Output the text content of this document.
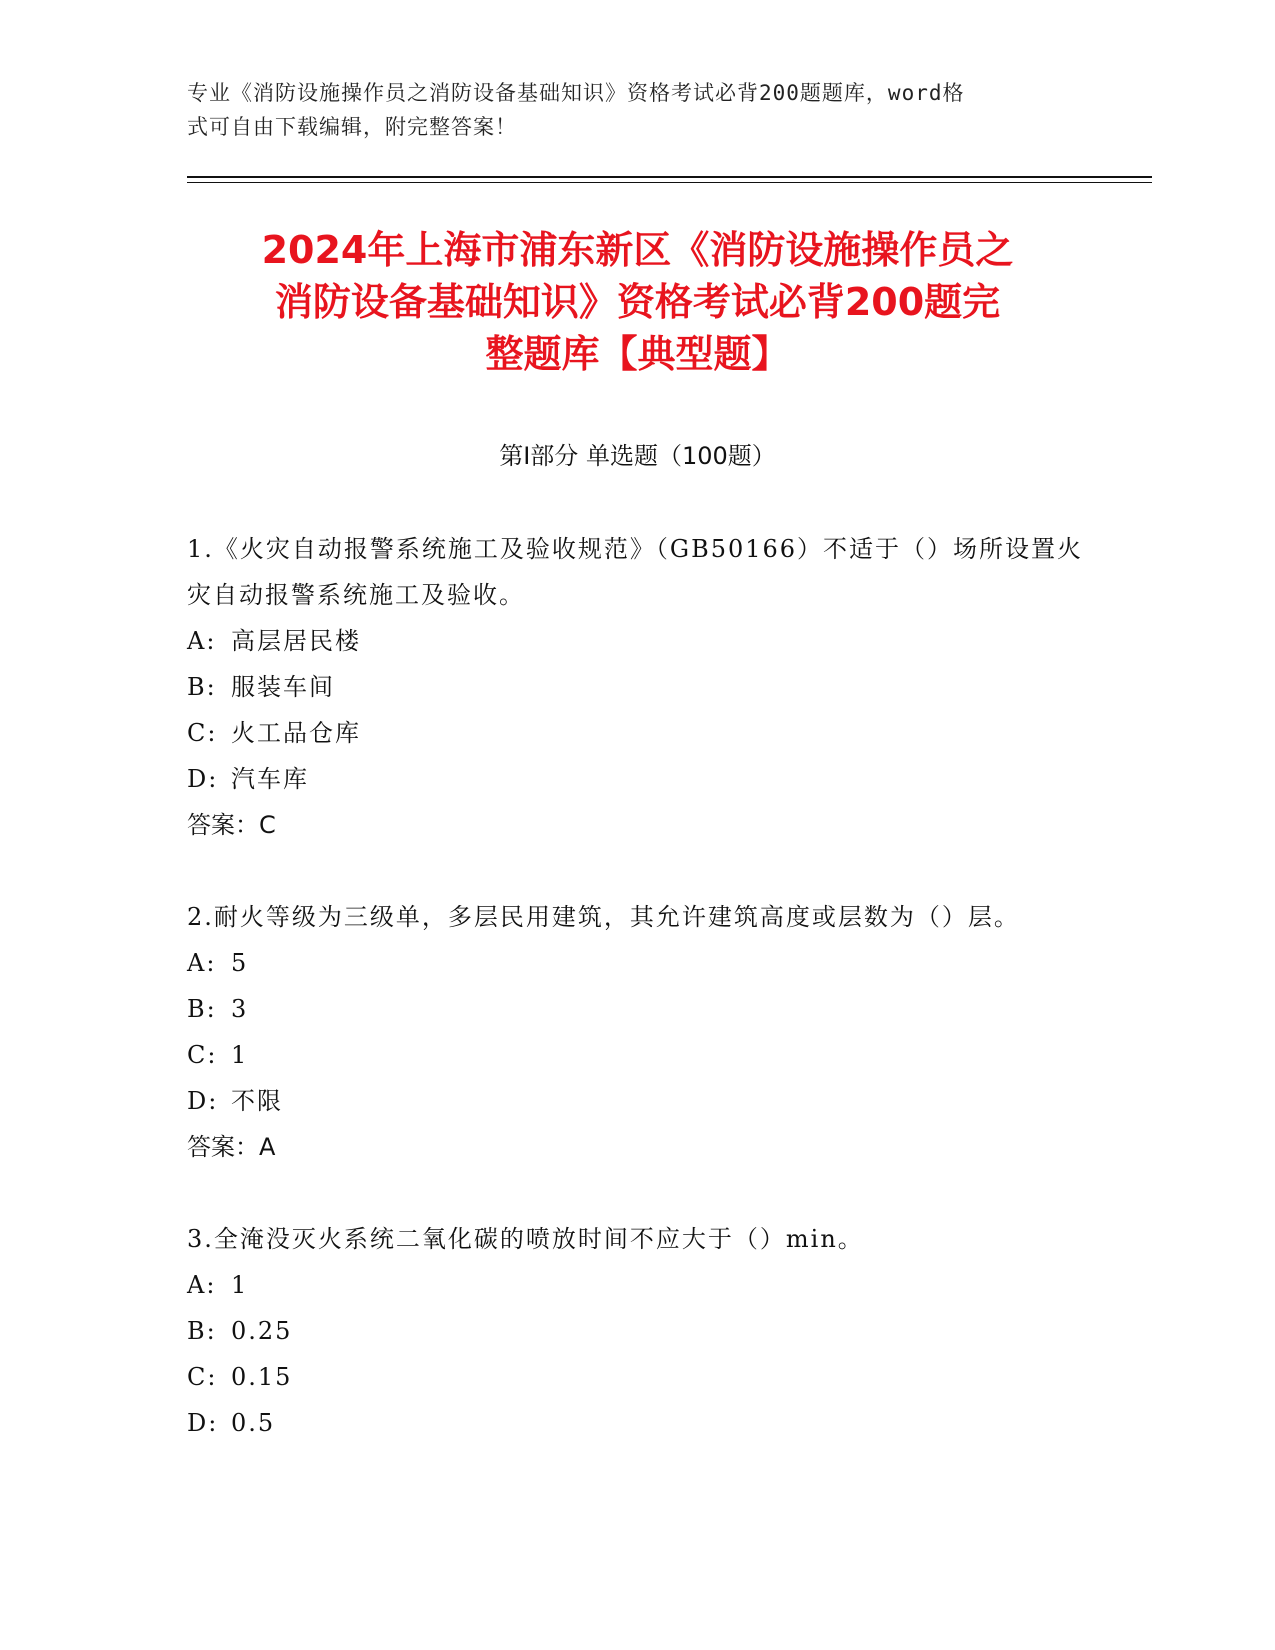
专业《消防设施操作员之消防设备基础知识》资格考试必背200题题库，word格
式可自由下载编辑，附完整答案！
2024年上海市浦东新区《消防设施操作员之
消防设备基础知识》资格考试必背200题完
整题库【典型题】
第Ⅰ部分 单选题（100题）

1.《火灾自动报警系统施工及验收规范》（GB50166）不适于（）场所设置火灾自动报警系统施工及验收。

A: 高层居民楼

B: 服装车间

C: 火工品仓库

D: 汽车库

答案：C

2.耐火等级为三级单，多层民用建筑，其允许建筑高度或层数为（）层。

A: 5

B: 3

C: 1

D: 不限

答案：A

3.全淹没灭火系统二氧化碳的喷放时间不应大于（）min。

A: 1

B: 0.25

C: 0.15

D: 0.5
